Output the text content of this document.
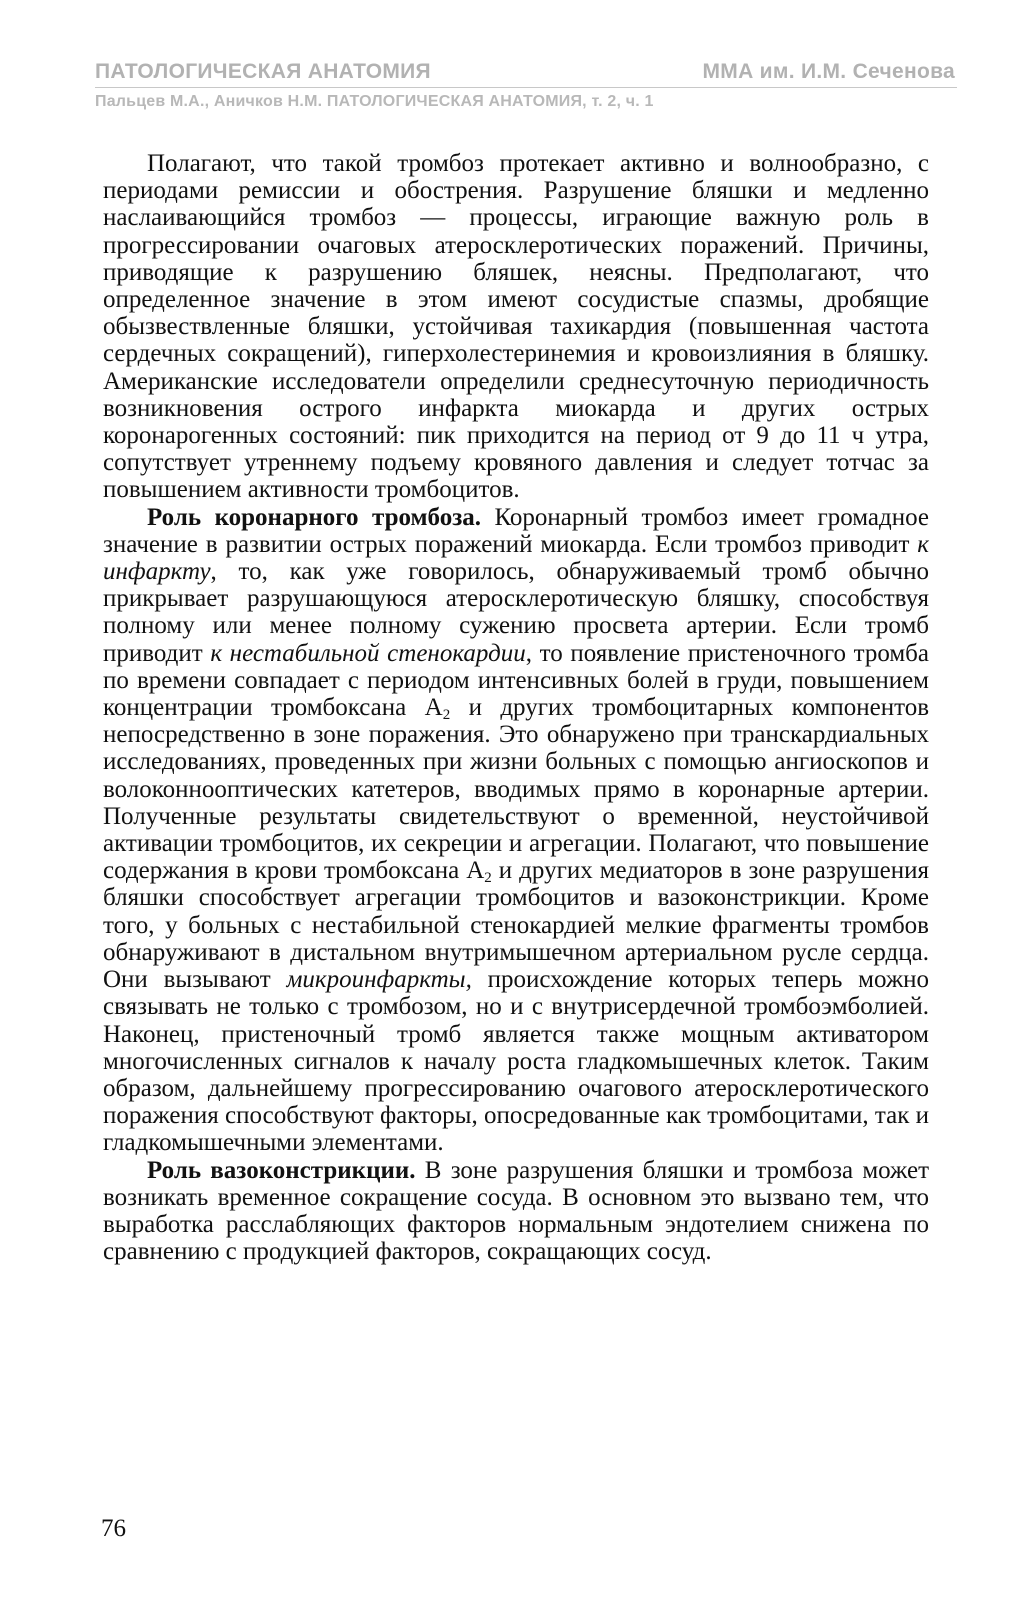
ПАТОЛОГИЧЕСКАЯ АНАТОМИЯ	ММА им. И.М. Сеченова
Пальцев М.А., Аничков Н.М. ПАТОЛОГИЧЕСКАЯ АНАТОМИЯ, т. 2, ч. 1

Полагают, что такой тромбоз протекает активно и волнообразно, с периодами ремиссии и обострения. Разрушение бляшки и медленно наслаивающийся тромбоз — процессы, играющие важную роль в прогрессировании очаговых атеросклеротических поражений. Причины, приводящие к разрушению бляшек, неясны. Предполагают, что определенное значение в этом имеют сосудистые спазмы, дробящие обызвествленные бляшки, устойчивая тахикардия (повышенная частота сердечных сокращений), гиперхолестеринемия и кровоизлияния в бляшку. Американские исследователи определили среднесуточную периодичность возникновения острого инфаркта миокарда и других острых коронарогенных состояний: пик приходится на период от 9 до 11 ч утра, сопутствует утреннему подъему кровяного давления и следует тотчас за повышением активности тромбоцитов.

Роль коронарного тромбоза. Коронарный тромбоз имеет громадное значение в развитии острых поражений миокарда. Если тромбоз приводит к инфаркту, то, как уже говорилось, обнаруживаемый тромб обычно прикрывает разрушающуюся атеросклеротическую бляшку, способствуя полному или менее полному сужению просвета артерии. Если тромб приводит к нестабильной стенокардии, то появление пристеночного тромба по времени совпадает с периодом интенсивных болей в груди, повышением концентрации тромбоксана $A_2$ и других тромбоцитарных компонентов непосредственно в зоне поражения. Это обнаружено при транскардиальных исследованиях, проведенных при жизни больных с помощью ангиоскопов и волоконнооптических катетеров, вводимых прямо в коронарные артерии. Полученные результаты свидетельствуют о временной, неустойчивой активации тромбоцитов, их секреции и агрегации. Полагают, что повышение содержания в крови тромбоксана $A_2$ и других медиаторов в зоне разрушения бляшки способствует агрегации тромбоцитов и вазоконстрикции. Кроме того, у больных с нестабильной стенокардией мелкие фрагменты тромбов обнаруживают в дистальном внутримышечном артериальном русле сердца. Они вызывают микроинфаркты, происхождение которых теперь можно связывать не только с тромбозом, но и с внутрисердечной тромбоэмболией. Наконец, пристеночный тромб является также мощным активатором многочисленных сигналов к началу роста гладкомышечных клеток. Таким образом, дальнейшему прогрессированию очагового атеросклеротического поражения способствуют факторы, опосредованные как тромбоцитами, так и гладкомышечными элементами.

Роль вазоконстрикции. В зоне разрушения бляшки и тромбоза может возникать временное сокращение сосуда. В основном это вызвано тем, что выработка расслабляющих факторов нормальным эндотелием снижена по сравнению с продукцией факторов, сокращающих сосуд.

76
